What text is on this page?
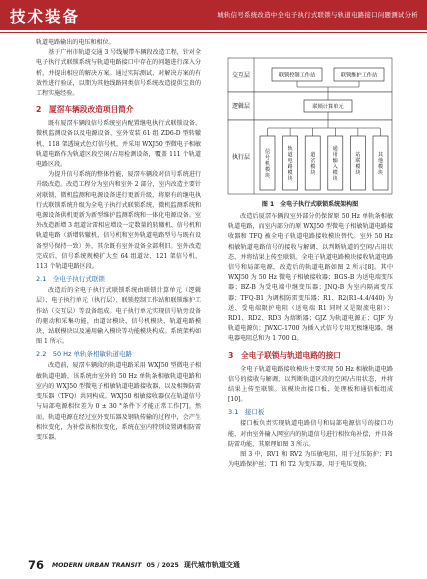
技术装备	城轨信号系统改造中全电子执行式联锁与轨道电路接口问题测试分析

轨道电路输出的电压和相位。

基于广州市轨道交通 3 号线履带车辆段改造工程，针对全电子执行式联锁系统与轨道电路接口中存在的问题进行深入分析，并提出相应的解决方案。通过实际测试、对解决方案的有效性进行验证，以期为其他线路同类信号系统改造提供宝贵的工程实施经验。

2　厦滘车辆段改造项目简介

既有厦滘车辆段信号系统室内配置继电执行式联锁设备、微机监测设备以及电源设备，室外安装 61 组 ZD6-D 型转辙机、118 架透镜式色灯信号机，并采用 WXJ50 型微电子相敏轨道电路作为轨道区段空闲/占用检测设备，覆盖 111 个轨道电路区段。

为提升信号系统的整体性能，厦滘车辆段对信号系统进行升级改造。改造工程分为室内和室外 2 部分，室内改造主要针对联锁、微机监测和电源设备进行更新升级，将原有的继电执行式联锁系统升级为全电子执行式联锁系统，微机监测系统和电源设备供机更新为新型维护监测系统和一体化电源设备。室外改造新增 3 组道岔雷相应增设一定数量的转辙机、信号机和轨道电路（新增转辙机、信号机和室外轨道电路型号与既有设备型号保持一致）外，其余既有室外设备全部利旧。室外改造完成后，信号系统规模扩大至 64 组道岔、121 架信号机、113 个轨道电路区段。

2.1　全电子执行式联锁

改造后的全电子执行式联锁系统由联锁计算单元（逻辑层）、电子执行单元（执行层）、联锁控制工作站和联锁维护工作站（交互层）等设备组成。电子执行单元实现信号轨旁设备的驱动和采集功能，由道岔模块、信号机模块、轨道电路模块、站联模块以及通用输入模块等功能模块构成。系统架构如图 1 所示。

2.2　50 Hz 单轨条相敏轨道电路

改造前，厦滘车辆段的轨道电路采用 WXJ50 型微电子相敏轨道电路，该系统由室外的 50 Hz 单轨条相敏轨道电路和室内的 WXJ50 型微电子相敏轨道电路接收器，以及相频防雷变压器（TFQ）共同构成。WXJ50 相敏接收器仅在轨道信号与局部电源相位差为 0 ± 30 °条件下才能正常工作[7]。然而，轨道电源在经过室外变压器及钢轨传输的过程中，会产生相位变化，为补偿该相位变化，系统在室内特别设置调相防雷变压器。

交互层
逻辑层
执行层
联锁控制工作站	联锁维护工作站
联锁计算单元
信号机模块
轨道电路模块
道岔模块
通用输入模块
站联模块
其他模块
图 1　全电子执行式联锁系统架构图

改造后厦滘车辆段室外部分仍保留原 50 Hz 单轨条相敏轨道电路，而室内部分的原 WXJ50 型微电子相敏轨道电路接收器和 TFQ 被全电子轨道电路接收模块替代。室外 50 Hz 相敏轨道电路信号的接收与解调、以判断轨道的空闲/占用状态，并将结果上传至联锁。全电子轨道电路模块接收轨道电路信号和局部电源，改造后的轨道电路如图 2 所示[8]。其中 WXJ50 为 50 Hz 微电子相敏接收器；BGS-B 为送电端变压器；BZ-B 为受电端中继变压器；JNQ-B 为室内隔离变压器；TFQ-B1 为调相防雷变压器；R1、R2(R1-4.4/440) 为送、受电端限护电阻（送电端 R1 同时又是限流电阻）；RD1、RD2、RD3 为熔断器；GJZ 为轨道电源正；GJF 为轨道电源负；JWXC-1700 为插入式信号专用无极继电器，继电器电阻总和为 1 700 Ω。

3　全电子联锁与轨道电路的接口

全电子轨道电路接收模块主要实现 50 Hz 相敏轨道电路信号的接收与解调，以判断轨道区段的空闲/占用状态，并将结果上传至联锁。该模块由接口板、处理板和通信板组成[10]。

3.1　接口板

接口板负责实现轨道电路信号和局部电源信号的接口功能，对由室外输入网室内的轨道信号进行相位角补偿，并具备防雷功能，其原理如图 3 所示。

图 3 中，RV1 和 RV2 为压敏电阻，用于过压防护；F1 为电路保护丝；T1 和 T2 为变压器，用于电压变换；

76 MODERN URBAN TRANSIT 05 / 2025 现代城市轨道交通
